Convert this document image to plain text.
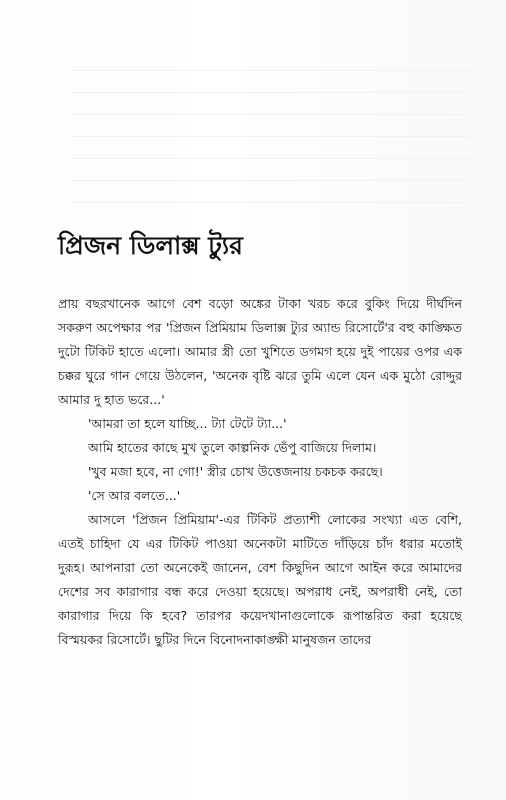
প্রিজন ডিলাক্স ট্যুর

প্রায় বছরখানেক আগে বেশ বড়ো অঙ্কের টাকা খরচ করে বুকিং দিয়ে দীর্ঘদিন সকরুণ অপেক্ষার পর 'প্রিজন প্রিমিয়াম ডিলাক্স ট্যুর অ্যান্ড রিসোর্টে'র বহু কাঙ্ক্ষিত দুটো টিকিট হাতে এলো। আমার স্ত্রী তো খুশিতে ডগমগ হয়ে দুই পায়ের ওপর এক চক্কর ঘুরে গান গেয়ে উঠলেন, 'অনেক বৃষ্টি ঝরে তুমি এলে যেন এক মুঠো রোদ্দুর আমার দু হাত ভরে...'

'আমরা তা হলে যাচ্ছি... ট্যা টেটে ট্যা...'

আমি হাতের কাছে মুখ তুলে কাল্পনিক ভেঁপু বাজিয়ে দিলাম।

'খুব মজা হবে, না গো!' স্ত্রীর চোখ উত্তেজনায় চকচক করছে।

'সে আর বলতে...'

আসলে 'প্রিজন প্রিমিয়াম'-এর টিকিট প্রত্যাশী লোকের সংখ্যা এত বেশি, এতই চাহিদা যে এর টিকিট পাওয়া অনেকটা মাটিতে দাঁড়িয়ে চাঁদ ধরার মতোই দুরূহ। আপনারা তো অনেকেই জানেন, বেশ কিছুদিন আগে আইন করে আমাদের দেশের সব কারাগার বন্ধ করে দেওয়া হয়েছে। অপরাধ নেই, অপরাধী নেই, তো কারাগার দিয়ে কি হবে? তারপর কয়েদখানাগুলোকে রূপান্তরিত করা হয়েছে বিস্ময়কর রিসোর্টে। ছুটির দিনে বিনোদনাকাঙ্ক্ষী মানুষজন তাদের
